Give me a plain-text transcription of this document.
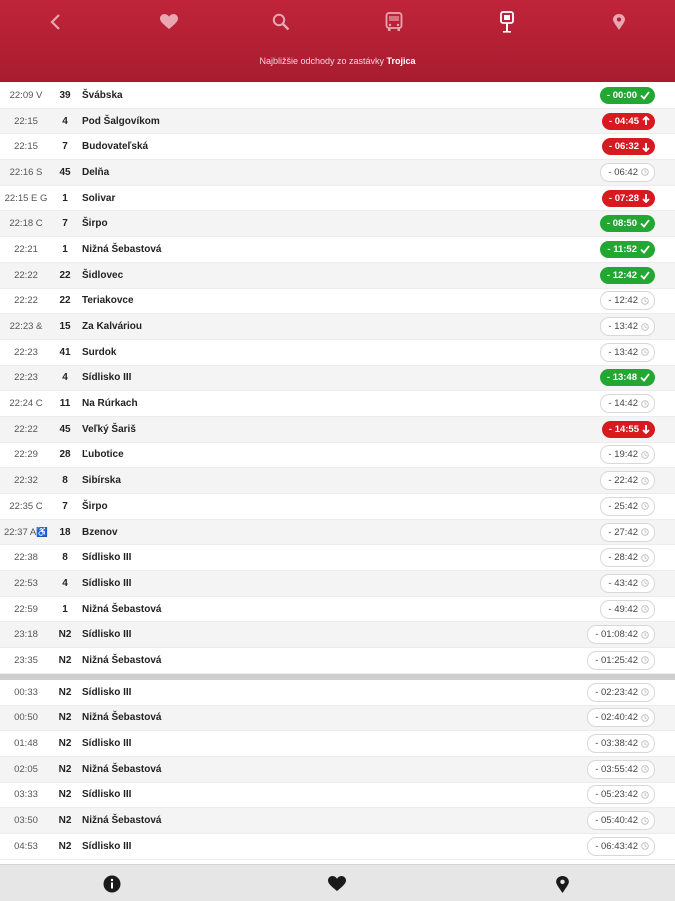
Najbližšie odchody zo zastávky Trojica
22:09 V	39	Švábska	- 00:00
22:15	4	Pod Šalgovíkom	- 04:45
22:15	7	Budovateľská	- 06:32
22:16 S	45	Delňa	- 06:42
22:15 E G	1	Solivar	- 07:28
22:18 C	7	Širpo	- 08:50
22:21	1	Nižná Šebastová	- 11:52
22:22	22	Šidlovec	- 12:42
22:22	22	Teriakovce	- 12:42
22:23 &	15	Za Kalváriou	- 13:42
22:23	41	Surdok	- 13:42
22:23	4	Sídlisko III	- 13:48
22:24 C	11	Na Rúrkach	- 14:42
22:22	45	Veľký Šariš	- 14:55
22:29	28	Ľubotice	- 19:42
22:32	8	Sibírska	- 22:42
22:35 C	7	Širpo	- 25:42
22:37 A♿	18	Bzenov	- 27:42
22:38	8	Sídlisko III	- 28:42
22:53	4	Sídlisko III	- 43:42
22:59	1	Nižná Šebastová	- 49:42
23:18	N2	Sídlisko III	- 01:08:42
23:35	N2	Nižná Šebastová	- 01:25:42
00:33	N2	Sídlisko III	- 02:23:42
00:50	N2	Nižná Šebastová	- 02:40:42
01:48	N2	Sídlisko III	- 03:38:42
02:05	N2	Nižná Šebastová	- 03:55:42
03:33	N2	Sídlisko III	- 05:23:42
03:50	N2	Nižná Šebastová	- 05:40:42
04:53	N2	Sídlisko III	- 06:43:42
